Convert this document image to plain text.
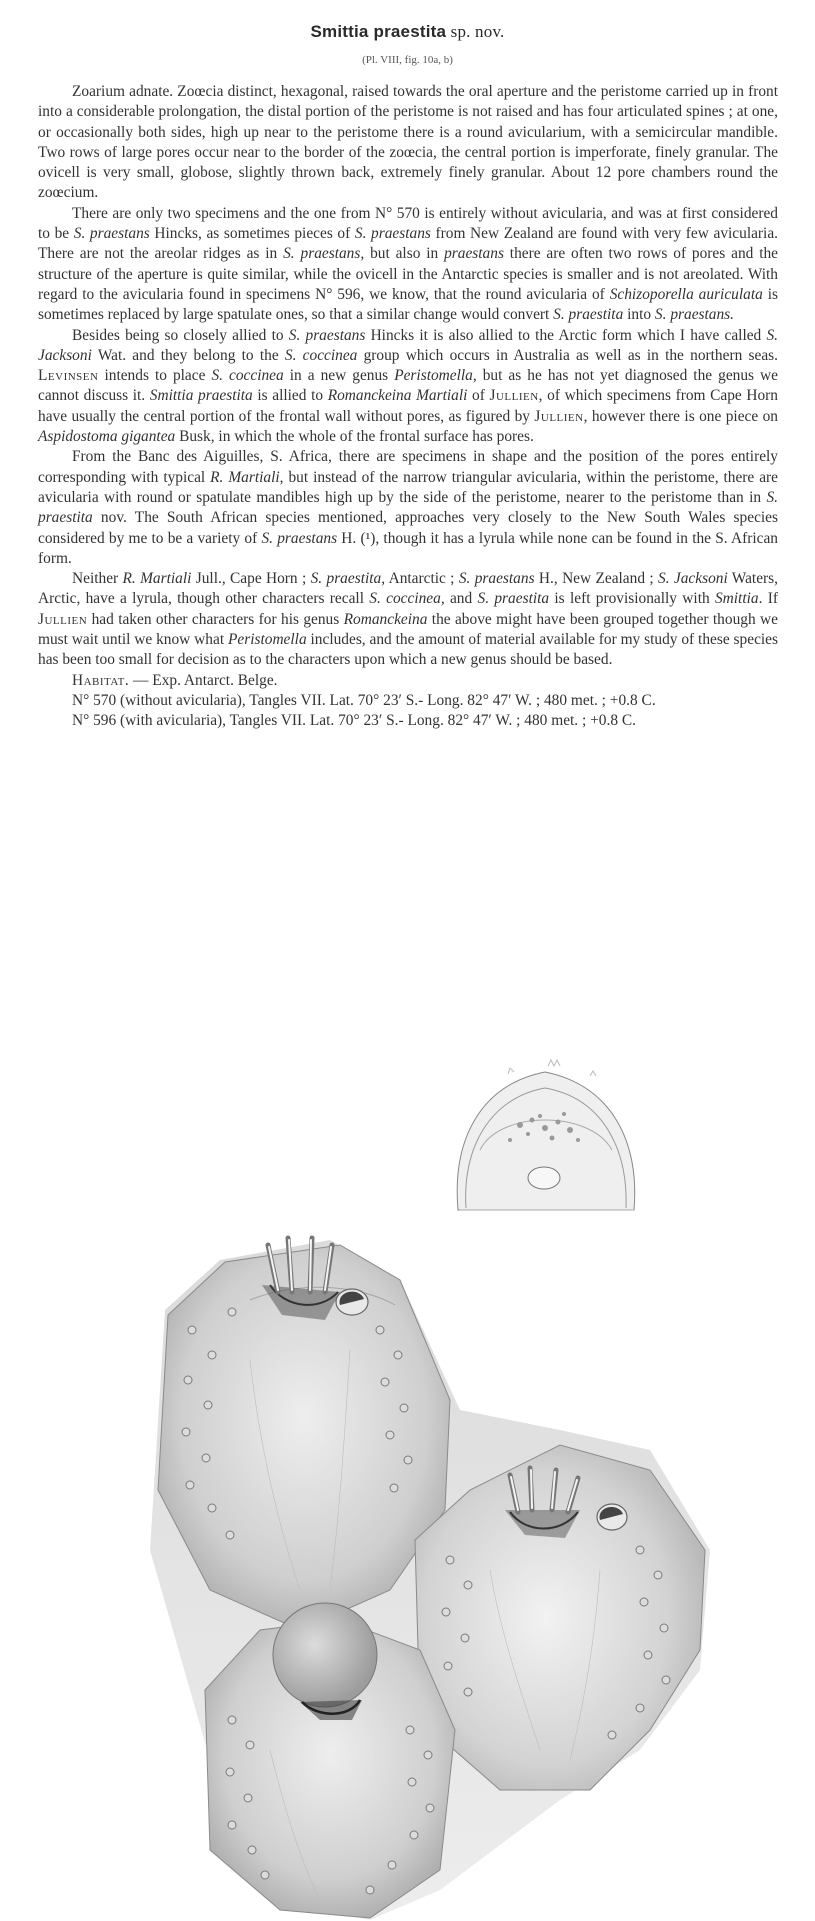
Smittia praestita sp. nov.
(Pl. VIII, fig. 10a, b)

Zoarium adnate. Zoœcia distinct, hexagonal, raised towards the oral aperture and the peristome carried up in front into a considerable prolongation, the distal portion of the peristome is not raised and has four articulated spines ; at one, or occasionally both sides, high up near to the peristome there is a round avicularium, with a semicircular mandible. Two rows of large pores occur near to the border of the zoœcia, the central portion is imperforate, finely granular. The ovicell is very small, globose, slightly thrown back, extremely finely granular. About 12 pore chambers round the zoœcium.

There are only two specimens and the one from N° 570 is entirely without avicularia, and was at first considered to be S. praestans Hincks, as sometimes pieces of S. praestans from New Zealand are found with very few avicularia. There are not the areolar ridges as in S. praestans, but also in praestans there are often two rows of pores and the structure of the aperture is quite similar, while the ovicell in the Antarctic species is smaller and is not areolated. With regard to the avicularia found in specimens N° 596, we know, that the round avicularia of Schizoporella auriculata is sometimes replaced by large spatulate ones, so that a similar change would convert S. praestita into S. praestans.

Besides being so closely allied to S. praestans Hincks it is also allied to the Arctic form which I have called S. Jacksoni Wat. and they belong to the S. coccinea group which occurs in Australia as well as in the northern seas. Levinsen intends to place S. coccinea in a new genus Peristomella, but as he has not yet diagnosed the genus we cannot discuss it. Smittia praestita is allied to Romanckeina Martiali of Jullien, of which specimens from Cape Horn have usually the central portion of the frontal wall without pores, as figured by Jullien, however there is one piece on Aspidostoma gigantea Busk, in which the whole of the frontal surface has pores.

From the Banc des Aiguilles, S. Africa, there are specimens in shape and the position of the pores entirely corresponding with typical R. Martiali, but instead of the narrow triangular avicularia, within the peristome, there are avicularia with round or spatulate mandibles high up by the side of the peristome, nearer to the peristome than in S. praestita nov. The South African species mentioned, approaches very closely to the New South Wales species considered by me to be a variety of S. praestans H. (¹), though it has a lyrula while none can be found in the S. African form.

Neither R. Martiali Jull., Cape Horn ; S. praestita, Antarctic ; S. praestans H., New Zealand ; S. Jacksoni Waters, Arctic, have a lyrula, though other characters recall S. coccinea, and S. praestita is left provisionally with Smittia. If Jullien had taken other characters for his genus Romanckeina the above might have been grouped together though we must wait until we know what Peristomella includes, and the amount of material available for my study of these species has been too small for decision as to the characters upon which a new genus should be based.

Habitat. — Exp. Antarct. Belge.

N° 570 (without avicularia), Tangles VII. Lat. 70° 23′ S.- Long. 82° 47′ W. ; 480 met. ; +0.8 C.

N° 596 (with avicularia), Tangles VII. Lat. 70° 23′ S.- Long. 82° 47′ W. ; 480 met. ; +0.8 C.
